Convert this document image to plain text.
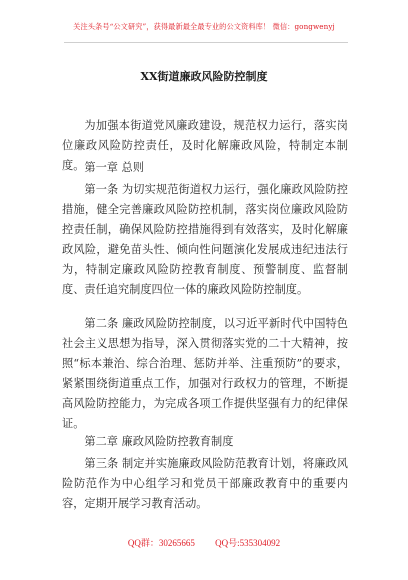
关注头条号“公文研究”，获得最新最全最专业的公文资料库！ 微信：gongwenyj
XX街道廉政风险防控制度

为加强本街道党风廉政建设，规范权力运行，落实岗位廉政风险防控责任，及时化解廉政风险，特制定本制度。 第一章 总则

第一条 为切实规范街道权力运行，强化廉政风险防控措施，健全完善廉政风险防控机制，落实岗位廉政风险防控责任制，确保风险防控措施得到有效落实，及时化解廉政风险，避免苗头性、倾向性问题演化发展成违纪违法行为，特制定廉政风险防控教育制度、预警制度、监督制度、责任追究制度四位一体的廉政风险防控制度。

第二条 廉政风险防控制度，以习近平新时代中国特色社会主义思想为指导，深入贯彻落实党的二十大精神，按照“标本兼治、综合治理、惩防并举、注重预防”的要求，紧紧围绕街道重点工作，加强对行政权力的管理，不断提高风险防控能力，为完成各项工作提供坚强有力的纪律保证。

第二章 廉政风险防控教育制度

第三条 制定并实施廉政风险防范教育计划，将廉政风险防范作为中心组学习和党员干部廉政教育中的重要内容，定期开展学习教育活动。

QQ群：30265665 QQ号:535304092
